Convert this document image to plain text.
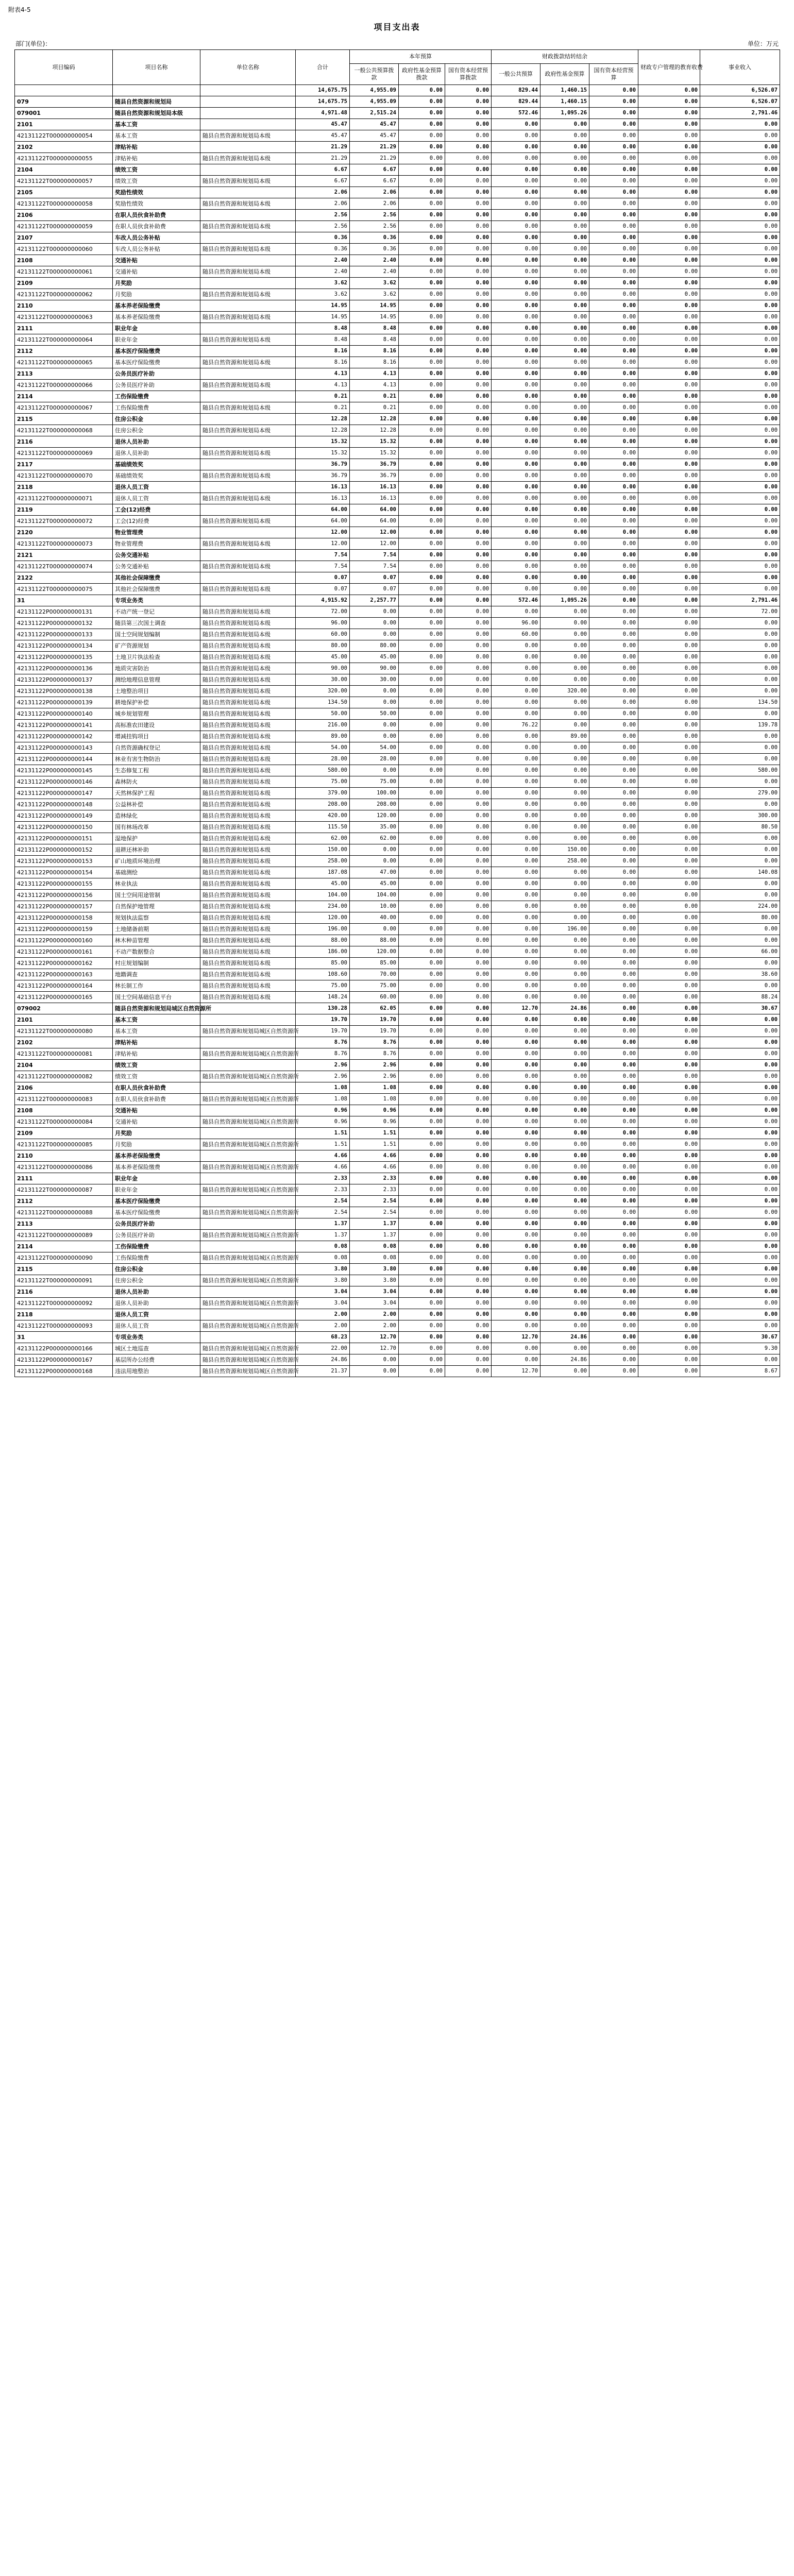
附表4-5
项目支出表
部门(单位)：	单位：万元
项目编码	项目名称	单位名称	合计	本年预算			财政拨款结转结余			财政专户管理的教育收费	事业收入
				一般公共预算拨款	政府性基金预算拨款	国有资本经营预算拨款	一般公共预算	政府性基金预算	国有资本经营预算		
			14,675.75	4,955.09	0.00	0.00	829.44	1,460.15	0.00	0.00	6,526.07
079	随县自然资源和规划局		14,675.75	4,955.09	0.00	0.00	829.44	1,460.15	0.00	0.00	6,526.07
079001	随县自然资源和规划局本级		4,971.48	2,515.24	0.00	0.00	572.46	1,095.26	0.00	0.00	2,791.46
2101	基本工资		45.47	45.47	0.00	0.00	0.00	0.00	0.00	0.00	0.00
42131122T000000000054	基本工资	随县自然资源和规划局本级	45.47	45.47	0.00	0.00	0.00	0.00	0.00	0.00	0.00
2102	津贴补贴		21.29	21.29	0.00	0.00	0.00	0.00	0.00	0.00	0.00
42131122T000000000055	津贴补贴	随县自然资源和规划局本级	21.29	21.29	0.00	0.00	0.00	0.00	0.00	0.00	0.00
2104	绩效工资		6.67	6.67	0.00	0.00	0.00	0.00	0.00	0.00	0.00
42131122T000000000057	绩效工资	随县自然资源和规划局本级	6.67	6.67	0.00	0.00	0.00	0.00	0.00	0.00	0.00
2105	奖励性绩效		2.06	2.06	0.00	0.00	0.00	0.00	0.00	0.00	0.00
42131122T000000000058	奖励性绩效	随县自然资源和规划局本级	2.06	2.06	0.00	0.00	0.00	0.00	0.00	0.00	0.00
2106	在职人员伙食补助费		2.56	2.56	0.00	0.00	0.00	0.00	0.00	0.00	0.00
42131122T000000000059	在职人员伙食补助费	随县自然资源和规划局本级	2.56	2.56	0.00	0.00	0.00	0.00	0.00	0.00	0.00
2107	车改人员公务补贴		0.36	0.36	0.00	0.00	0.00	0.00	0.00	0.00	0.00
42131122T000000000060	车改人员公务补贴	随县自然资源和规划局本级	0.36	0.36	0.00	0.00	0.00	0.00	0.00	0.00	0.00
2108	交通补贴		2.40	2.40	0.00	0.00	0.00	0.00	0.00	0.00	0.00
42131122T000000000061	交通补贴	随县自然资源和规划局本级	2.40	2.40	0.00	0.00	0.00	0.00	0.00	0.00	0.00
2109	月奖励		3.62	3.62	0.00	0.00	0.00	0.00	0.00	0.00	0.00
42131122T000000000062	月奖励	随县自然资源和规划局本级	3.62	3.62	0.00	0.00	0.00	0.00	0.00	0.00	0.00
2110	基本养老保险缴费		14.95	14.95	0.00	0.00	0.00	0.00	0.00	0.00	0.00
42131122T000000000063	基本养老保险缴费	随县自然资源和规划局本级	14.95	14.95	0.00	0.00	0.00	0.00	0.00	0.00	0.00
2111	职业年金		8.48	8.48	0.00	0.00	0.00	0.00	0.00	0.00	0.00
42131122T000000000064	职业年金	随县自然资源和规划局本级	8.48	8.48	0.00	0.00	0.00	0.00	0.00	0.00	0.00
2112	基本医疗保险缴费		8.16	8.16	0.00	0.00	0.00	0.00	0.00	0.00	0.00
42131122T000000000065	基本医疗保险缴费	随县自然资源和规划局本级	8.16	8.16	0.00	0.00	0.00	0.00	0.00	0.00	0.00
2113	公务员医疗补助		4.13	4.13	0.00	0.00	0.00	0.00	0.00	0.00	0.00
42131122T000000000066	公务员医疗补助	随县自然资源和规划局本级	4.13	4.13	0.00	0.00	0.00	0.00	0.00	0.00	0.00
2114	工伤保险缴费		0.21	0.21	0.00	0.00	0.00	0.00	0.00	0.00	0.00
42131122T000000000067	工伤保险缴费	随县自然资源和规划局本级	0.21	0.21	0.00	0.00	0.00	0.00	0.00	0.00	0.00
2115	住房公积金		12.28	12.28	0.00	0.00	0.00	0.00	0.00	0.00	0.00
42131122T000000000068	住房公积金	随县自然资源和规划局本级	12.28	12.28	0.00	0.00	0.00	0.00	0.00	0.00	0.00
2116	退休人员补助		15.32	15.32	0.00	0.00	0.00	0.00	0.00	0.00	0.00
42131122T000000000069	退休人员补助	随县自然资源和规划局本级	15.32	15.32	0.00	0.00	0.00	0.00	0.00	0.00	0.00
2117	基础绩效奖		36.79	36.79	0.00	0.00	0.00	0.00	0.00	0.00	0.00
42131122T000000000070	基础绩效奖	随县自然资源和规划局本级	36.79	36.79	0.00	0.00	0.00	0.00	0.00	0.00	0.00
2118	退休人员工资		16.13	16.13	0.00	0.00	0.00	0.00	0.00	0.00	0.00
42131122T000000000071	退休人员工资	随县自然资源和规划局本级	16.13	16.13	0.00	0.00	0.00	0.00	0.00	0.00	0.00
2119	工会(12)经费		64.00	64.00	0.00	0.00	0.00	0.00	0.00	0.00	0.00
42131122T000000000072	工会(12)经费	随县自然资源和规划局本级	64.00	64.00	0.00	0.00	0.00	0.00	0.00	0.00	0.00
2120	物业管理费		12.00	12.00	0.00	0.00	0.00	0.00	0.00	0.00	0.00
42131122T000000000073	物业管理费	随县自然资源和规划局本级	12.00	12.00	0.00	0.00	0.00	0.00	0.00	0.00	0.00
2121	公务交通补贴		7.54	7.54	0.00	0.00	0.00	0.00	0.00	0.00	0.00
42131122T000000000074	公务交通补贴	随县自然资源和规划局本级	7.54	7.54	0.00	0.00	0.00	0.00	0.00	0.00	0.00
2122	其他社会保障缴费		0.07	0.07	0.00	0.00	0.00	0.00	0.00	0.00	0.00
42131122T000000000075	其他社会保障缴费	随县自然资源和规划局本级	0.07	0.07	0.00	0.00	0.00	0.00	0.00	0.00	0.00
31	专项业务类		4,915.92	2,257.77	0.00	0.00	572.46	1,095.26	0.00	0.00	2,791.46
42131122P000000000131	不动产统一登记	随县自然资源和规划局本级	72.00	0.00	0.00	0.00	0.00	0.00	0.00	0.00	72.00
42131122P000000000132	随县第三次国土调查	随县自然资源和规划局本级	96.00	0.00	0.00	0.00	96.00	0.00	0.00	0.00	0.00
42131122P000000000133	国土空间规划编制	随县自然资源和规划局本级	60.00	0.00	0.00	0.00	60.00	0.00	0.00	0.00	0.00
42131122P000000000134	矿产资源规划	随县自然资源和规划局本级	80.00	80.00	0.00	0.00	0.00	0.00	0.00	0.00	0.00
42131122P000000000135	土地卫片执法检查	随县自然资源和规划局本级	45.00	45.00	0.00	0.00	0.00	0.00	0.00	0.00	0.00
42131122P000000000136	地质灾害防治	随县自然资源和规划局本级	90.00	90.00	0.00	0.00	0.00	0.00	0.00	0.00	0.00
42131122P000000000137	测绘地理信息管理	随县自然资源和规划局本级	30.00	30.00	0.00	0.00	0.00	0.00	0.00	0.00	0.00
42131122P000000000138	土地整治项目	随县自然资源和规划局本级	320.00	0.00	0.00	0.00	0.00	320.00	0.00	0.00	0.00
42131122P000000000139	耕地保护补偿	随县自然资源和规划局本级	134.50	0.00	0.00	0.00	0.00	0.00	0.00	0.00	134.50
42131122P000000000140	城乡规划管理	随县自然资源和规划局本级	50.00	50.00	0.00	0.00	0.00	0.00	0.00	0.00	0.00
42131122P000000000141	高标准农田建设	随县自然资源和规划局本级	216.00	0.00	0.00	0.00	76.22	0.00	0.00	0.00	139.78
42131122P000000000142	增减挂钩项目	随县自然资源和规划局本级	89.00	0.00	0.00	0.00	0.00	89.00	0.00	0.00	0.00
42131122P000000000143	自然资源确权登记	随县自然资源和规划局本级	54.00	54.00	0.00	0.00	0.00	0.00	0.00	0.00	0.00
42131122P000000000144	林业有害生物防治	随县自然资源和规划局本级	28.00	28.00	0.00	0.00	0.00	0.00	0.00	0.00	0.00
42131122P000000000145	生态修复工程	随县自然资源和规划局本级	580.00	0.00	0.00	0.00	0.00	0.00	0.00	0.00	580.00
42131122P000000000146	森林防火	随县自然资源和规划局本级	75.00	75.00	0.00	0.00	0.00	0.00	0.00	0.00	0.00
42131122P000000000147	天然林保护工程	随县自然资源和规划局本级	379.00	100.00	0.00	0.00	0.00	0.00	0.00	0.00	279.00
42131122P000000000148	公益林补偿	随县自然资源和规划局本级	208.00	208.00	0.00	0.00	0.00	0.00	0.00	0.00	0.00
42131122P000000000149	造林绿化	随县自然资源和规划局本级	420.00	120.00	0.00	0.00	0.00	0.00	0.00	0.00	300.00
42131122P000000000150	国有林场改革	随县自然资源和规划局本级	115.50	35.00	0.00	0.00	0.00	0.00	0.00	0.00	80.50
42131122P000000000151	湿地保护	随县自然资源和规划局本级	62.00	62.00	0.00	0.00	0.00	0.00	0.00	0.00	0.00
42131122P000000000152	退耕还林补助	随县自然资源和规划局本级	150.00	0.00	0.00	0.00	0.00	150.00	0.00	0.00	0.00
42131122P000000000153	矿山地质环境治理	随县自然资源和规划局本级	258.00	0.00	0.00	0.00	0.00	258.00	0.00	0.00	0.00
42131122P000000000154	基础测绘	随县自然资源和规划局本级	187.08	47.00	0.00	0.00	0.00	0.00	0.00	0.00	140.08
42131122P000000000155	林业执法	随县自然资源和规划局本级	45.00	45.00	0.00	0.00	0.00	0.00	0.00	0.00	0.00
42131122P000000000156	国土空间用途管制	随县自然资源和规划局本级	104.00	104.00	0.00	0.00	0.00	0.00	0.00	0.00	0.00
42131122P000000000157	自然保护地管理	随县自然资源和规划局本级	234.00	10.00	0.00	0.00	0.00	0.00	0.00	0.00	224.00
42131122P000000000158	规划执法监察	随县自然资源和规划局本级	120.00	40.00	0.00	0.00	0.00	0.00	0.00	0.00	80.00
42131122P000000000159	土地储备前期	随县自然资源和规划局本级	196.00	0.00	0.00	0.00	0.00	196.00	0.00	0.00	0.00
42131122P000000000160	林木种苗管理	随县自然资源和规划局本级	88.00	88.00	0.00	0.00	0.00	0.00	0.00	0.00	0.00
42131122P000000000161	不动产数据整合	随县自然资源和规划局本级	186.00	120.00	0.00	0.00	0.00	0.00	0.00	0.00	66.00
42131122P000000000162	村庄规划编制	随县自然资源和规划局本级	85.00	85.00	0.00	0.00	0.00	0.00	0.00	0.00	0.00
42131122P000000000163	地籍调查	随县自然资源和规划局本级	108.60	70.00	0.00	0.00	0.00	0.00	0.00	0.00	38.60
42131122P000000000164	林长制工作	随县自然资源和规划局本级	75.00	75.00	0.00	0.00	0.00	0.00	0.00	0.00	0.00
42131122P000000000165	国土空间基础信息平台	随县自然资源和规划局本级	148.24	60.00	0.00	0.00	0.00	0.00	0.00	0.00	88.24
079002	随县自然资源和规划局城区自然资源所		130.28	62.05	0.00	0.00	12.70	24.86	0.00	0.00	30.67
2101	基本工资		19.70	19.70	0.00	0.00	0.00	0.00	0.00	0.00	0.00
42131122T000000000080	基本工资	随县自然资源和规划局城区自然资源所	19.70	19.70	0.00	0.00	0.00	0.00	0.00	0.00	0.00
2102	津贴补贴		8.76	8.76	0.00	0.00	0.00	0.00	0.00	0.00	0.00
42131122T000000000081	津贴补贴	随县自然资源和规划局城区自然资源所	8.76	8.76	0.00	0.00	0.00	0.00	0.00	0.00	0.00
2104	绩效工资		2.96	2.96	0.00	0.00	0.00	0.00	0.00	0.00	0.00
42131122T000000000082	绩效工资	随县自然资源和规划局城区自然资源所	2.96	2.96	0.00	0.00	0.00	0.00	0.00	0.00	0.00
2106	在职人员伙食补助费		1.08	1.08	0.00	0.00	0.00	0.00	0.00	0.00	0.00
42131122T000000000083	在职人员伙食补助费	随县自然资源和规划局城区自然资源所	1.08	1.08	0.00	0.00	0.00	0.00	0.00	0.00	0.00
2108	交通补贴		0.96	0.96	0.00	0.00	0.00	0.00	0.00	0.00	0.00
42131122T000000000084	交通补贴	随县自然资源和规划局城区自然资源所	0.96	0.96	0.00	0.00	0.00	0.00	0.00	0.00	0.00
2109	月奖励		1.51	1.51	0.00	0.00	0.00	0.00	0.00	0.00	0.00
42131122T000000000085	月奖励	随县自然资源和规划局城区自然资源所	1.51	1.51	0.00	0.00	0.00	0.00	0.00	0.00	0.00
2110	基本养老保险缴费		4.66	4.66	0.00	0.00	0.00	0.00	0.00	0.00	0.00
42131122T000000000086	基本养老保险缴费	随县自然资源和规划局城区自然资源所	4.66	4.66	0.00	0.00	0.00	0.00	0.00	0.00	0.00
2111	职业年金		2.33	2.33	0.00	0.00	0.00	0.00	0.00	0.00	0.00
42131122T000000000087	职业年金	随县自然资源和规划局城区自然资源所	2.33	2.33	0.00	0.00	0.00	0.00	0.00	0.00	0.00
2112	基本医疗保险缴费		2.54	2.54	0.00	0.00	0.00	0.00	0.00	0.00	0.00
42131122T000000000088	基本医疗保险缴费	随县自然资源和规划局城区自然资源所	2.54	2.54	0.00	0.00	0.00	0.00	0.00	0.00	0.00
2113	公务员医疗补助		1.37	1.37	0.00	0.00	0.00	0.00	0.00	0.00	0.00
42131122T000000000089	公务员医疗补助	随县自然资源和规划局城区自然资源所	1.37	1.37	0.00	0.00	0.00	0.00	0.00	0.00	0.00
2114	工伤保险缴费		0.08	0.08	0.00	0.00	0.00	0.00	0.00	0.00	0.00
42131122T000000000090	工伤保险缴费	随县自然资源和规划局城区自然资源所	0.08	0.08	0.00	0.00	0.00	0.00	0.00	0.00	0.00
2115	住房公积金		3.80	3.80	0.00	0.00	0.00	0.00	0.00	0.00	0.00
42131122T000000000091	住房公积金	随县自然资源和规划局城区自然资源所	3.80	3.80	0.00	0.00	0.00	0.00	0.00	0.00	0.00
2116	退休人员补助		3.04	3.04	0.00	0.00	0.00	0.00	0.00	0.00	0.00
42131122T000000000092	退休人员补助	随县自然资源和规划局城区自然资源所	3.04	3.04	0.00	0.00	0.00	0.00	0.00	0.00	0.00
2118	退休人员工资		2.00	2.00	0.00	0.00	0.00	0.00	0.00	0.00	0.00
42131122T000000000093	退休人员工资	随县自然资源和规划局城区自然资源所	2.00	2.00	0.00	0.00	0.00	0.00	0.00	0.00	0.00
31	专项业务类		68.23	12.70	0.00	0.00	12.70	24.86	0.00	0.00	30.67
42131122P000000000166	城区土地巡查	随县自然资源和规划局城区自然资源所	22.00	12.70	0.00	0.00	0.00	0.00	0.00	0.00	9.30
42131122P000000000167	基层所办公经费	随县自然资源和规划局城区自然资源所	24.86	0.00	0.00	0.00	0.00	24.86	0.00	0.00	0.00
42131122P000000000168	违法用地整治	随县自然资源和规划局城区自然资源所	21.37	0.00	0.00	0.00	12.70	0.00	0.00	0.00	8.67
